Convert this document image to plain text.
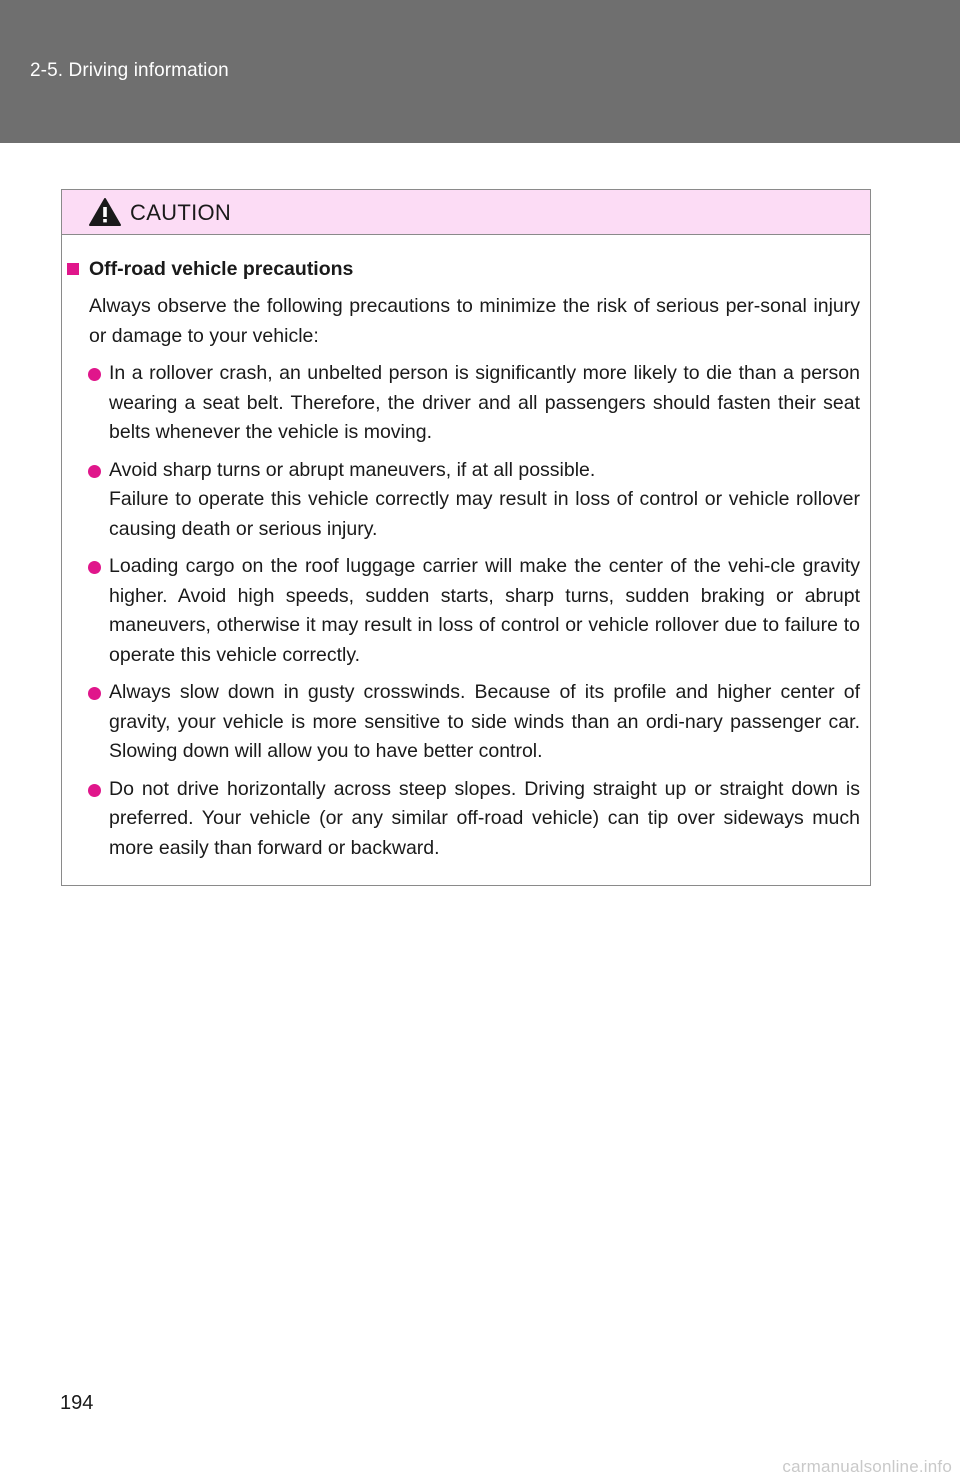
2-5. Driving information
CAUTION
Off-road vehicle precautions
Always observe the following precautions to minimize the risk of serious per-sonal injury or damage to your vehicle:
In a rollover crash, an unbelted person is significantly more likely to die than a person wearing a seat belt. Therefore, the driver and all passengers should fasten their seat belts whenever the vehicle is moving.
Avoid sharp turns or abrupt maneuvers, if at all possible.
Failure to operate this vehicle correctly may result in loss of control or vehicle rollover causing death or serious injury.
Loading cargo on the roof luggage carrier will make the center of the vehi-cle gravity higher. Avoid high speeds, sudden starts, sharp turns, sudden braking or abrupt maneuvers, otherwise it may result in loss of control or vehicle rollover due to failure to operate this vehicle correctly.
Always slow down in gusty crosswinds. Because of its profile and higher center of gravity, your vehicle is more sensitive to side winds than an ordi-nary passenger car. Slowing down will allow you to have better control.
Do not drive horizontally across steep slopes. Driving straight up or straight down is preferred. Your vehicle (or any similar off-road vehicle) can tip over sideways much more easily than forward or backward.
194
carmanualsonline.info
